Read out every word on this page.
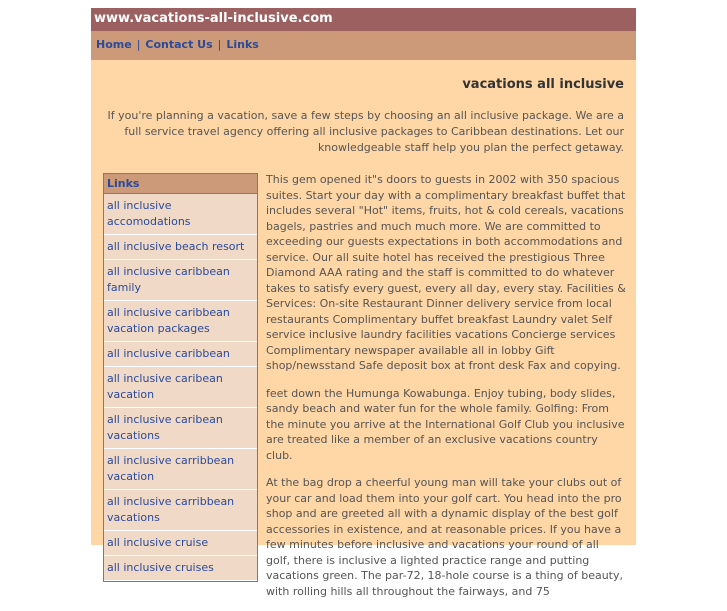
www.vacations-all-inclusive.com
Home | Contact Us | Links
vacations all inclusive
If you're planning a vacation, save a few steps by choosing an all inclusive package. We are a full service travel agency offering all inclusive packages to Caribbean destinations. Let our knowledgeable staff help you plan the perfect getaway.
Links
all inclusive accomodations
all inclusive beach resort
all inclusive caribbean family
all inclusive caribbean vacation packages
all inclusive caribbean
all inclusive caribean vacation
all inclusive caribean vacations
all inclusive carribbean vacation
all inclusive carribbean vacations
all inclusive cruise
all inclusive cruises

This gem opened it"s doors to guests in 2002 with 350 spacious suites. Start your day with a complimentary breakfast buffet that includes several "Hot" items, fruits, hot & cold cereals, vacations bagels, pastries and much much more. We are committed to exceeding our guests expectations in both accommodations and service. Our all suite hotel has received the prestigious Three Diamond AAA rating and the staff is committed to do whatever takes to satisfy every guest, every all day, every stay. Facilities & Services: On-site Restaurant Dinner delivery service from local restaurants Complimentary buffet breakfast Laundry valet Self service inclusive laundry facilities vacations Concierge services Complimentary newspaper available all in lobby Gift shop/newsstand Safe deposit box at front desk Fax and copying.

feet down the Humunga Kowabunga. Enjoy tubing, body slides, sandy beach and water fun for the whole family. Golfing: From the minute you arrive at the International Golf Club you inclusive are treated like a member of an exclusive vacations country club.

At the bag drop a cheerful young man will take your clubs out of your car and load them into your golf cart. You head into the pro shop and are greeted all with a dynamic display of the best golf accessories in existence, and at reasonable prices. If you have a few minutes before inclusive and vacations your round of all golf, there is inclusive a lighted practice range and putting vacations green. The par-72, 18-hole course is a thing of beauty, with rolling hills all throughout the fairways, and 75
